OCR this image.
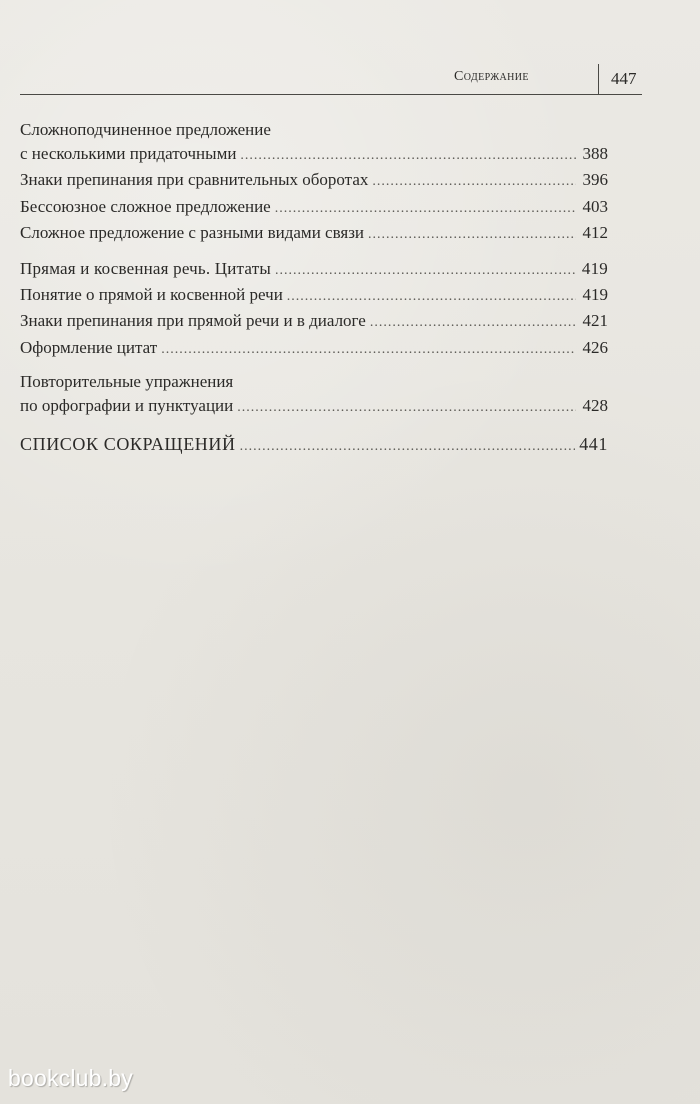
Содержание	447
Сложноподчиненное предложение
с несколькими придаточными .....	388
Знаки препинания при сравнительных оборотах .....	396
Бессоюзное сложное предложение .....	403
Сложное предложение с разными видами связи .....	412
Прямая и косвенная речь. Цитаты .....	419
Понятие о прямой и косвенной речи .....	419
Знаки препинания при прямой речи и в диалоге .....	421
Оформление цитат .....	426
Повторительные упражнения
по орфографии и пунктуации .....	428
СПИСОК СОКРАЩЕНИЙ .....	441
bookclub.by
